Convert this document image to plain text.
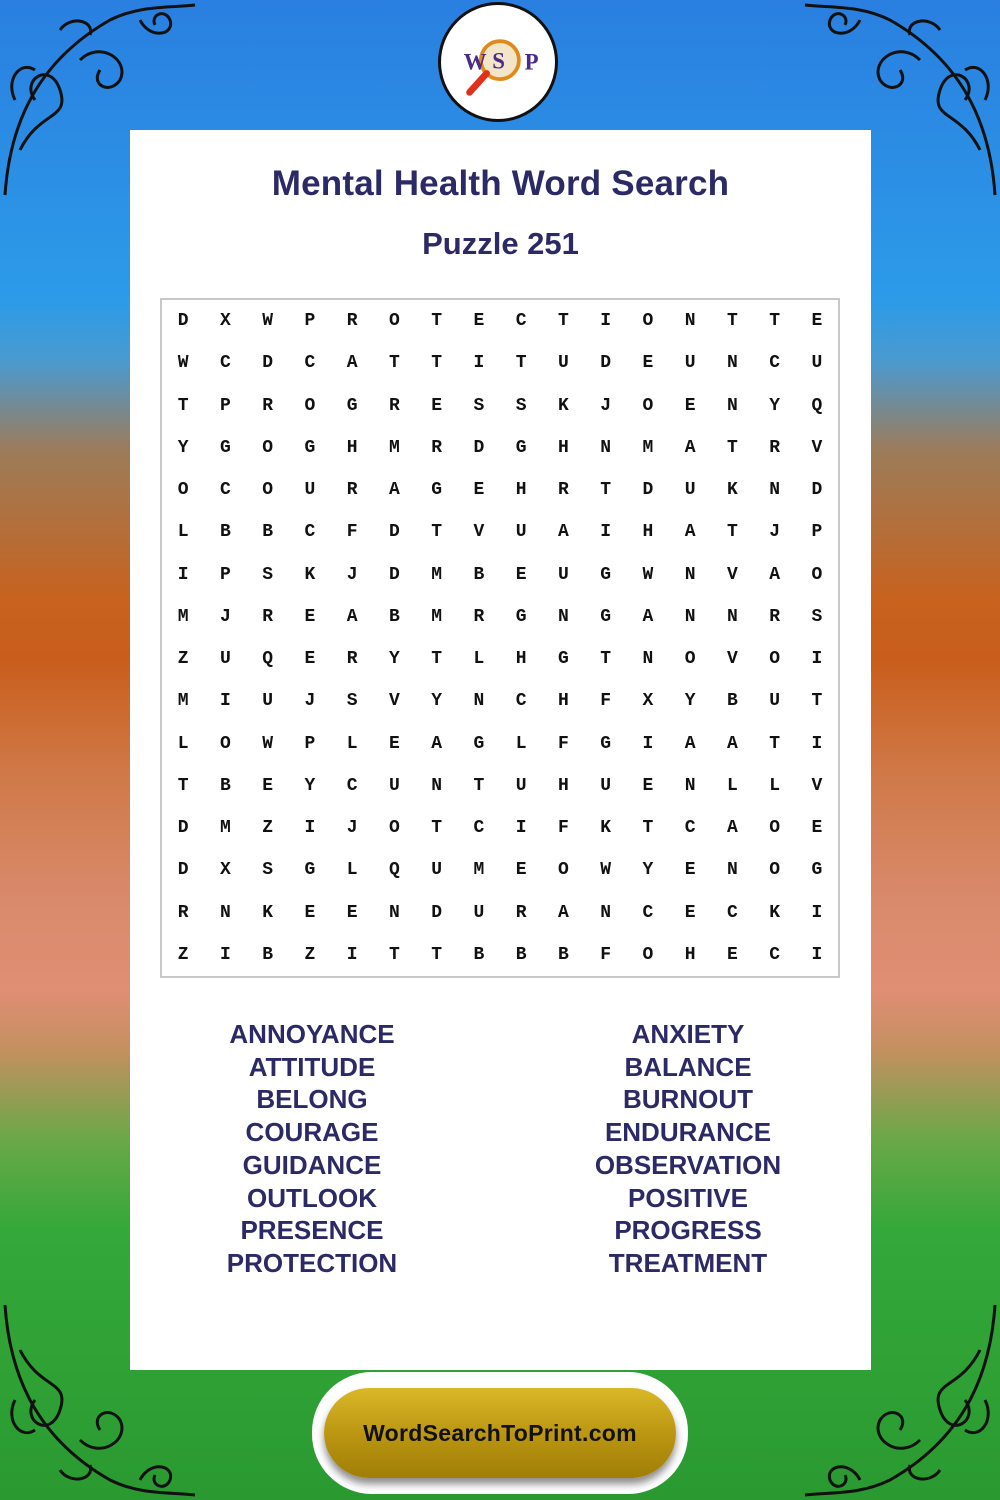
W S P
Mental Health Word Search
Puzzle 251
D	X	W	P	R	O	T	E	C	T	I	O	N	T	T	E
W	C	D	C	A	T	T	I	T	U	D	E	U	N	C	U
T	P	R	O	G	R	E	S	S	K	J	O	E	N	Y	Q
Y	G	O	G	H	M	R	D	G	H	N	M	A	T	R	V
O	C	O	U	R	A	G	E	H	R	T	D	U	K	N	D
L	B	B	C	F	D	T	V	U	A	I	H	A	T	J	P
I	P	S	K	J	D	M	B	E	U	G	W	N	V	A	O
M	J	R	E	A	B	M	R	G	N	G	A	N	N	R	S
Z	U	Q	E	R	Y	T	L	H	G	T	N	O	V	O	I
M	I	U	J	S	V	Y	N	C	H	F	X	Y	B	U	T
L	O	W	P	L	E	A	G	L	F	G	I	A	A	T	I
T	B	E	Y	C	U	N	T	U	H	U	E	N	L	L	V
D	M	Z	I	J	O	T	C	I	F	K	T	C	A	O	E
D	X	S	G	L	Q	U	M	E	O	W	Y	E	N	O	G
R	N	K	E	E	N	D	U	R	A	N	C	E	C	K	I
Z	I	B	Z	I	T	T	B	B	B	F	O	H	E	C	I
ANNOYANCE
ATTITUDE
BELONG
COURAGE
GUIDANCE
OUTLOOK
PRESENCE
PROTECTION
ANXIETY
BALANCE
BURNOUT
ENDURANCE
OBSERVATION
POSITIVE
PROGRESS
TREATMENT
WordSearchToPrint.com
